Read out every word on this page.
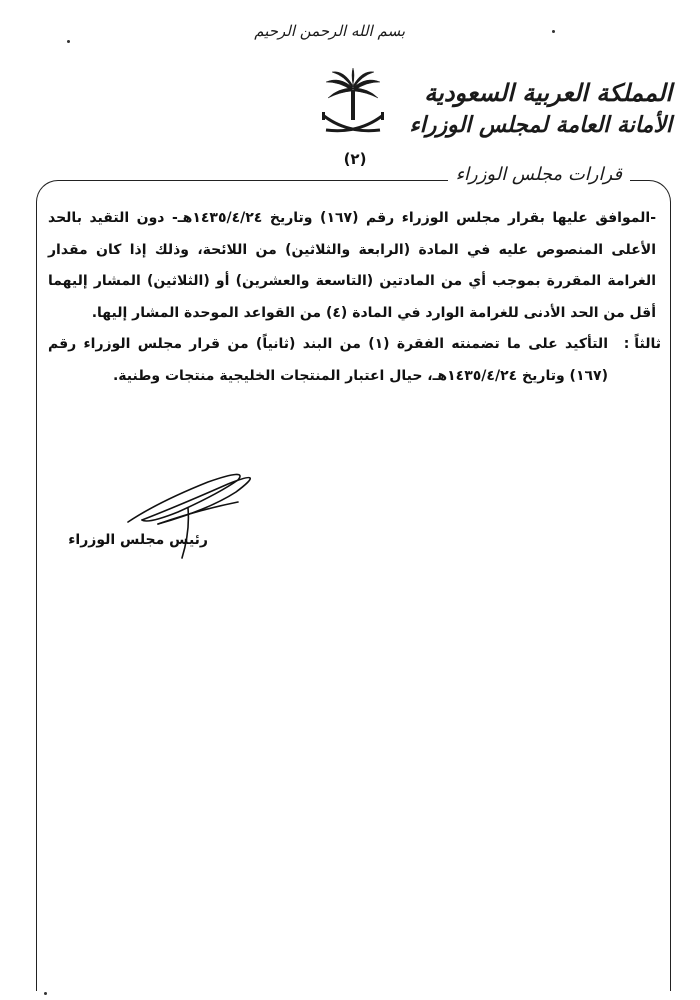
بسم الله الرحمن الرحيم
(٢)
المملكة العربية السعودية
الأمانة العامة لمجلس الوزراء
قرارات مجلس الوزراء

-الموافق عليها بقرار مجلس الوزراء رقم (١٦٧) وتاريخ ١٤٣٥/٤/٢٤هـ- دون التقيد بالحد الأعلى المنصوص عليه في المادة (الرابعة والثلاثين) من اللائحة، وذلك إذا كان مقدار الغرامة المقررة بموجب أي من المادتين (التاسعة والعشرين) أو (الثلاثين) المشار إليهما أقل من الحد الأدنى للغرامة الوارد في المادة (٤) من القواعد الموحدة المشار إليها.

ثالثاً :
التأكيد على ما تضمنته الفقرة (١) من البند (ثانياً) من قرار مجلس الوزراء رقم (١٦٧) وتاريخ ١٤٣٥/٤/٢٤هـ، حيال اعتبار المنتجات الخليجية منتجات وطنية.

رئيس مجلس الوزراء
